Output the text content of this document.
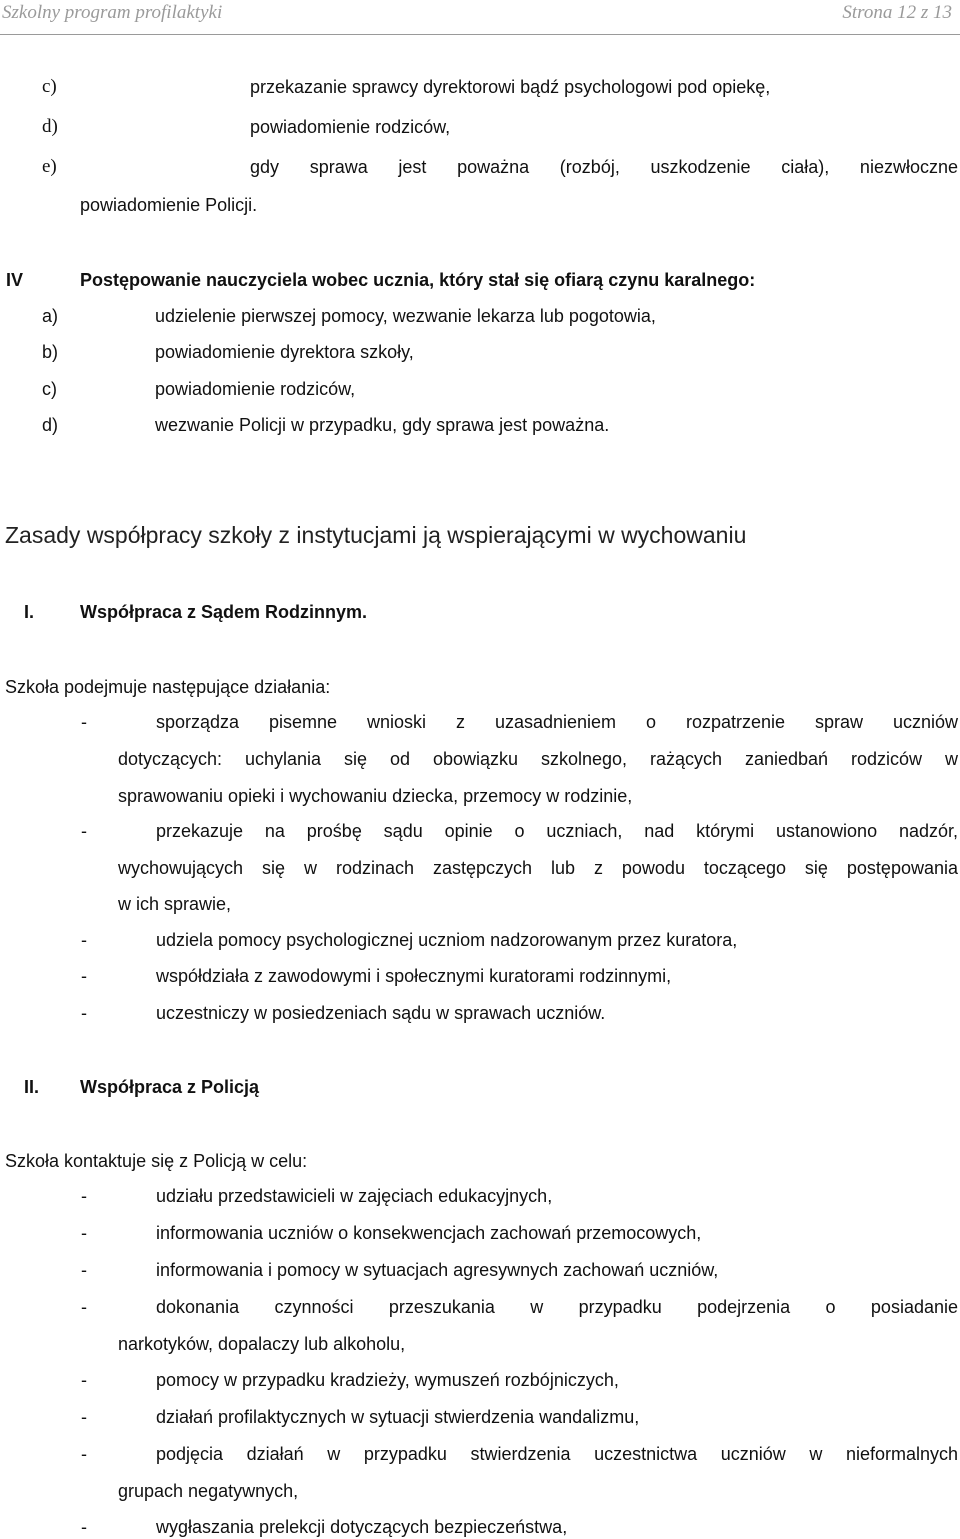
Szkolny program profilaktyki	Strona 12 z 13
c)	przekazanie sprawcy dyrektorowi bądź psychologowi pod opiekę,
d)	powiadomienie rodziców,
e)	gdy sprawa jest poważna (rozbój, uszkodzenie ciała), niezwłoczne
powiadomienie Policji.
IV	Postępowanie nauczyciela wobec ucznia, który stał się ofiarą czynu karalnego:
a)	udzielenie pierwszej pomocy, wezwanie lekarza lub pogotowia,
b)	powiadomienie dyrektora szkoły,
c)	powiadomienie rodziców,
d)	wezwanie Policji w przypadku, gdy sprawa jest poważna.
Zasady współpracy szkoły z instytucjami ją wspierającymi w wychowaniu
I.	Współpraca z Sądem Rodzinnym.
Szkoła podejmuje następujące działania:
-	sporządza pisemne wnioski z uzasadnieniem o rozpatrzenie spraw uczniów
dotyczących: uchylania się od obowiązku szkolnego, rażących zaniedbań rodziców w
sprawowaniu opieki i wychowaniu dziecka, przemocy w rodzinie,
-	przekazuje na prośbę sądu opinie o uczniach, nad którymi ustanowiono nadzór,
wychowujących się w rodzinach zastępczych lub z powodu toczącego się postępowania
w ich sprawie,
-	udziela pomocy psychologicznej uczniom nadzorowanym przez kuratora,
-	współdziała z zawodowymi i społecznymi kuratorami rodzinnymi,
-	uczestniczy w posiedzeniach sądu w sprawach uczniów.
II. Współpraca z Policją
Szkoła kontaktuje się z Policją w celu:
-	udziału przedstawicieli w zajęciach edukacyjnych,
-	informowania uczniów o konsekwencjach zachowań przemocowych,
-	informowania i pomocy w sytuacjach agresywnych zachowań uczniów,
-	dokonania czynności przeszukania w przypadku podejrzenia o posiadanie
narkotyków, dopalaczy lub alkoholu,
-	pomocy w przypadku kradzieży, wymuszeń rozbójniczych,
-	działań profilaktycznych w sytuacji stwierdzenia wandalizmu,
-	podjęcia działań w przypadku stwierdzenia uczestnictwa uczniów w nieformalnych
grupach negatywnych,
-	wygłaszania prelekcji dotyczących bezpieczeństwa,
